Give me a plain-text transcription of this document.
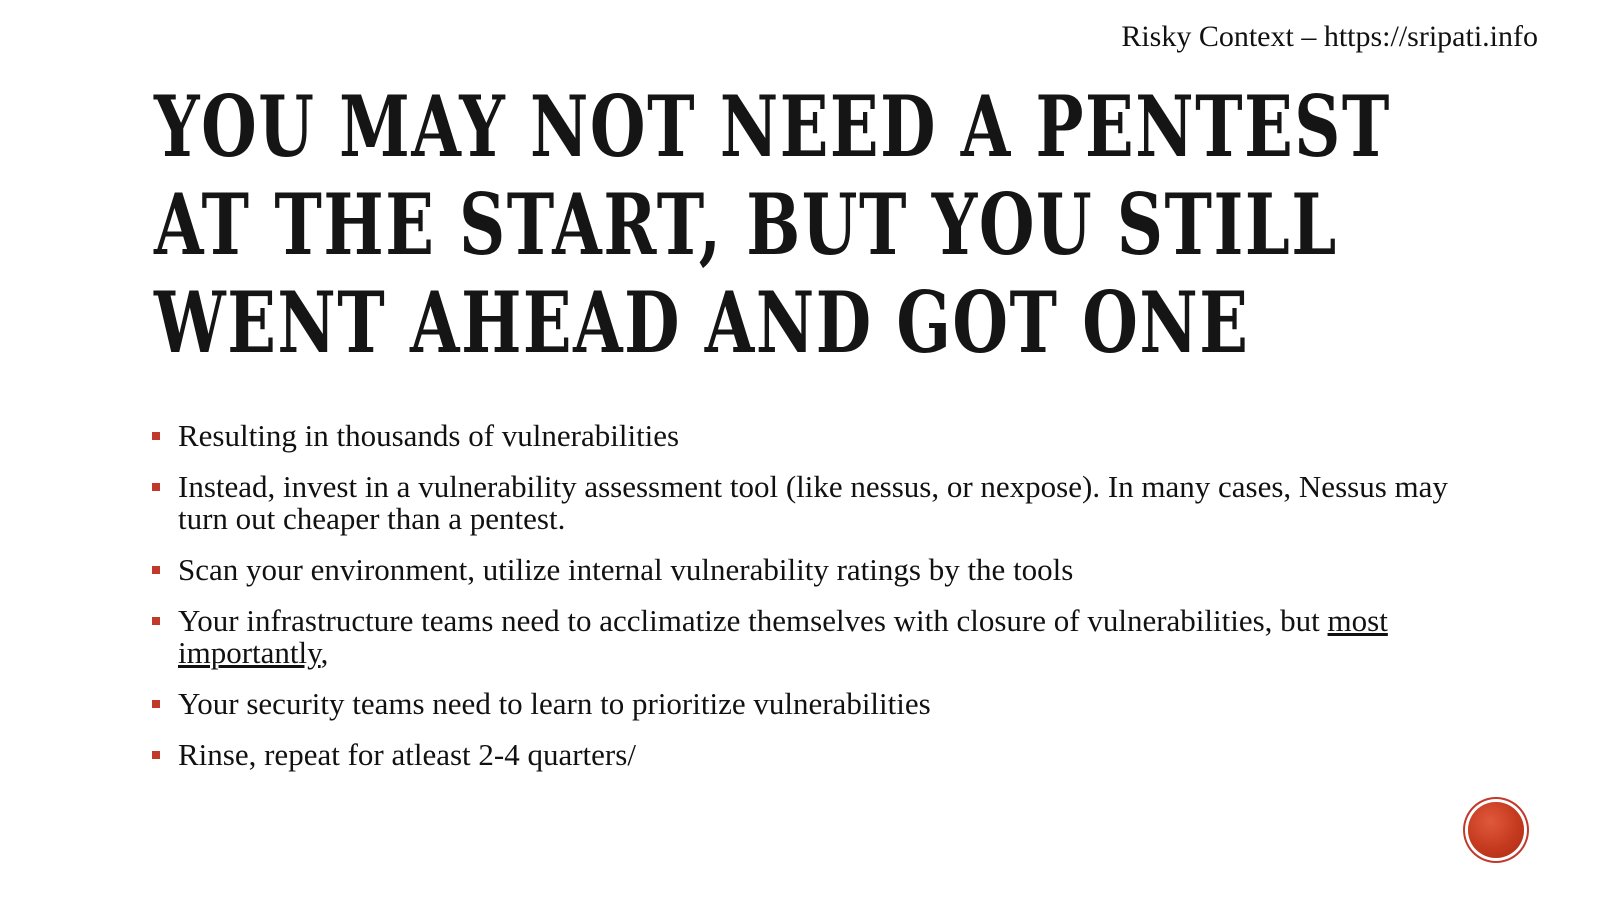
Risky Context – https://sripati.info
YOU MAY NOT NEED A PENTEST AT THE START, BUT YOU STILL WENT AHEAD AND GOT ONE
Resulting in thousands of vulnerabilities
Instead, invest in a vulnerability assessment tool (like nessus, or nexpose). In many cases, Nessus may turn out cheaper than a pentest.
Scan your environment, utilize internal vulnerability ratings by the tools
Your infrastructure teams need to acclimatize themselves with closure of vulnerabilities, but most importantly,
Your security teams need to learn to prioritize vulnerabilities
Rinse, repeat for atleast 2-4 quarters/
